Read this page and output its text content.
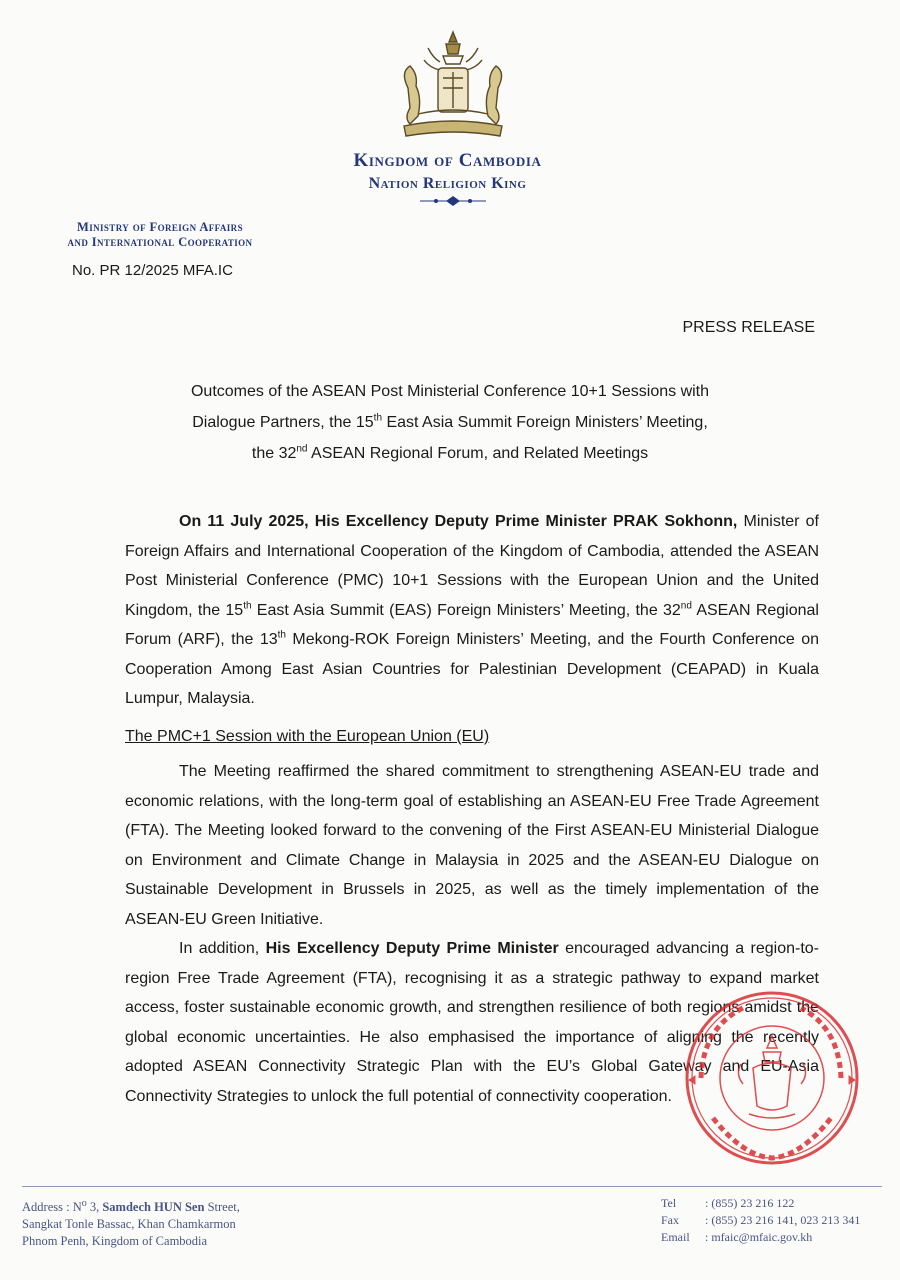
Kingdom of Cambodia
Nation Religion King
Ministry of Foreign Affairs
and International Cooperation
No. PR 12/2025 MFA.IC
PRESS RELEASE
Outcomes of the ASEAN Post Ministerial Conference 10+1 Sessions with
Dialogue Partners, the 15th East Asia Summit Foreign Ministers’ Meeting,
the 32nd ASEAN Regional Forum, and Related Meetings
On 11 July 2025, His Excellency Deputy Prime Minister PRAK Sokhonn, Minister of Foreign Affairs and International Cooperation of the Kingdom of Cambodia, attended the ASEAN Post Ministerial Conference (PMC) 10+1 Sessions with the European Union and the United Kingdom, the 15th East Asia Summit (EAS) Foreign Ministers’ Meeting, the 32nd ASEAN Regional Forum (ARF), the 13th Mekong-ROK Foreign Ministers’ Meeting, and the Fourth Conference on Cooperation Among East Asian Countries for Palestinian Development (CEAPAD) in Kuala Lumpur, Malaysia.
The PMC+1 Session with the European Union (EU)
The Meeting reaffirmed the shared commitment to strengthening ASEAN-EU trade and economic relations, with the long-term goal of establishing an ASEAN-EU Free Trade Agreement (FTA). The Meeting looked forward to the convening of the First ASEAN-EU Ministerial Dialogue on Environment and Climate Change in Malaysia in 2025 and the ASEAN-EU Dialogue on Sustainable Development in Brussels in 2025, as well as the timely implementation of the ASEAN-EU Green Initiative.
In addition, His Excellency Deputy Prime Minister encouraged advancing a region-to-region Free Trade Agreement (FTA), recognising it as a strategic pathway to expand market access, foster sustainable economic growth, and strengthen resilience of both regions amidst the global economic uncertainties. He also emphasised the importance of aligning the recently adopted ASEAN Connectivity Strategic Plan with the EU’s Global Gateway and EU-Asia Connectivity Strategies to unlock the full potential of connectivity cooperation.
Address : $N^o$ 3, Samdech HUN Sen Street,
Sangkat Tonle Bassac, Khan Chamkarmon
Phnom Penh, Kingdom of Cambodia
Tel : (855) 23 216 122
Fax : (855) 23 216 141, 023 213 341
Email : mfaic@mfaic.gov.kh
